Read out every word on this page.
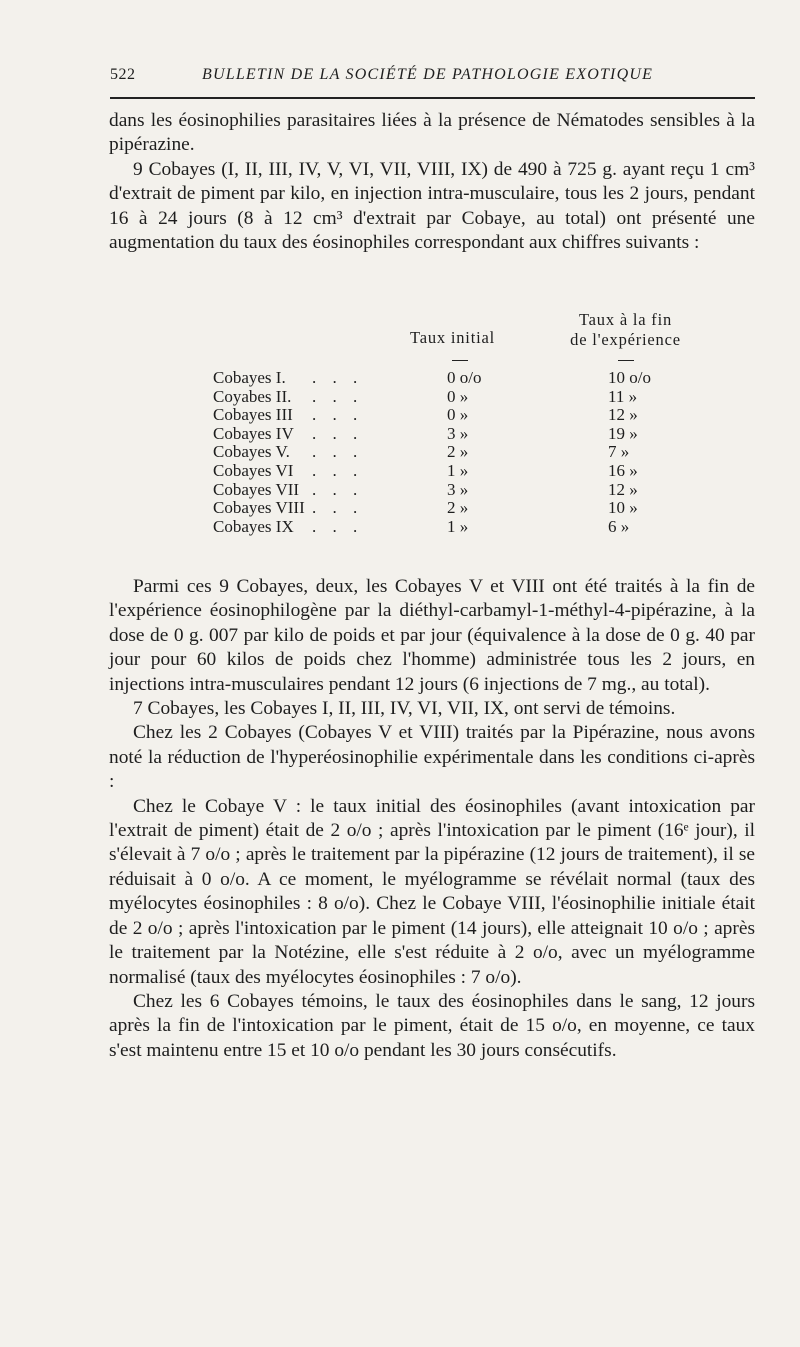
522	BULLETIN DE LA SOCIÉTÉ DE PATHOLOGIE EXOTIQUE

dans les éosinophilies parasitaires liées à la présence de Nématodes sensibles à la pipérazine.

9 Cobayes (I, II, III, IV, V, VI, VII, VIII, IX) de 490 à 725 g. ayant reçu 1 cm³ d'extrait de piment par kilo, en injection intra-musculaire, tous les 2 jours, pendant 16 à 24 jours (8 à 12 cm³ d'extrait par Cobaye, au total) ont présenté une augmentation du taux des éosinophiles correspondant aux chiffres suivants :

Taux initial
Taux à la fin
de l'expérience
Cobayes I. . . .	0 o/o	10 o/o
Coyabes II. . . .	0 »	11 »
Cobayes III . . .	0 »	12 »
Cobayes IV . . .	3 »	19 »
Cobayes V. . . .	2 »	7 »
Cobayes VI . . .	1 »	16 »
Cobayes VII . . .	3 »	12 »
Cobayes VIII . . .	2 »	10 »
Cobayes IX . . .	1 »	6 »

Parmi ces 9 Cobayes, deux, les Cobayes V et VIII ont été traités à la fin de l'expérience éosinophilogène par la diéthyl-carbamyl-1-méthyl-4-pipérazine, à la dose de 0 g. 007 par kilo de poids et par jour (équivalence à la dose de 0 g. 40 par jour pour 60 kilos de poids chez l'homme) administrée tous les 2 jours, en injections intra-musculaires pendant 12 jours (6 injections de 7 mg., au total).

7 Cobayes, les Cobayes I, II, III, IV, VI, VII, IX, ont servi de témoins.

Chez les 2 Cobayes (Cobayes V et VIII) traités par la Pipérazine, nous avons noté la réduction de l'hyperéosinophilie expérimentale dans les conditions ci-après :

Chez le Cobaye V : le taux initial des éosinophiles (avant intoxication par l'extrait de piment) était de 2 o/o ; après l'intoxication par le piment (16ᵉ jour), il s'élevait à 7 o/o ; après le traitement par la pipérazine (12 jours de traitement), il se réduisait à 0 o/o. A ce moment, le myélogramme se révélait normal (taux des myélocytes éosinophiles : 8 o/o). Chez le Cobaye VIII, l'éosinophilie initiale était de 2 o/o ; après l'intoxication par le piment (14 jours), elle atteignait 10 o/o ; après le traitement par la Notézine, elle s'est réduite à 2 o/o, avec un myélogramme normalisé (taux des myélocytes éosinophiles : 7 o/o).

Chez les 6 Cobayes témoins, le taux des éosinophiles dans le sang, 12 jours après la fin de l'intoxication par le piment, était de 15 o/o, en moyenne, ce taux s'est maintenu entre 15 et 10 o/o pendant les 30 jours consécutifs.
